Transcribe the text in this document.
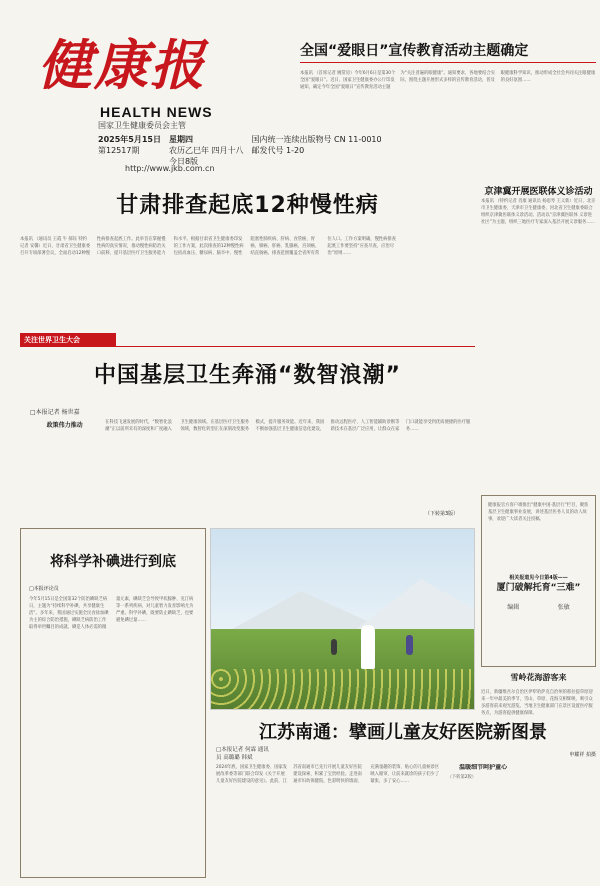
健康报
HEALTH NEWS
国家卫生健康委员会主管
2025年5月15日
第12517期
星期四
农历乙巳年 四月十八
今日8版
国内统一连续出版物号 CN 11-0010
邮发代号 1-20
http://www.jkb.com.cn
全国“爱眼日”宣传教育活动主题确定
本报讯 （首席记者 姚常房）今年6月6日是第30个全国“爱眼日”。近日，国家卫生健康委办公厅印发通知，确定今年全国“爱眼日”宣传教育活动主题为“关注普遍的眼健康”。通知要求，各地要结合实际，围绕主题开展形式多样的宣传教育活动，普及眼健康科学知识，推动形成全社会共同关注眼健康的良好氛围……
甘肃排查起底12种慢性病
本报讯 （通讯员 王霞 牛 郝钰 特约记者 安馨）近日，甘肃省卫生健康委召开专项部署会议，全面启动12种慢性病排查起底工作。此举旨在掌握慢性病的真实情况，推动慢性病防治关口前移，提升基层医疗卫生服务能力和水平。根据甘肃省卫生健康委印发的工作方案，此次排查的12种慢性病包括高血压、糖尿病、脑卒中、慢性阻塞性肺疾病、肝病、食管癌、胃癌、肺癌、肝癌、乳腺癌、宫颈癌、结直肠癌。排查范围覆盖全省所有常住人口。工作方案明确，慢性病排查起底工作要坚持“应查尽查、应治尽治”原则……
关注世界卫生大会
中国基层卫生奔涌“数智浪潮”
□本报记者 杨世嘉
政策伟力推动	在科技飞速发展的时代，“数智化浪潮”正以前所未有的深度和广度融入卫生健康领域。在基层医疗卫生服务领域，数智化转型正在深刻改变服务模式，提升服务效能。近年来，我国不断加强基层卫生健康信息化建设，推动远程医疗、人工智能辅助诊断等新技术在基层广泛应用，让群众在家门口就能享受到优质便捷的医疗服务……
（下转第3版）
将科学补碘进行到底
□本报评论员
今年5月15日是全国第32个防治碘缺乏病日，主题为“持续科学补碘，共享健康生活”。多年来，我国通过实施全民食盐加碘为主的综合防治措施，碘缺乏病防治工作取得举世瞩目的成就。碘是人体必需的微量元素，碘缺乏会导致甲状腺肿、克汀病等一系列疾病，对儿童智力发育影响尤为严重。科学补碘，既要防止碘缺乏，也要避免碘过量……
京津冀开展医联体义诊活动
本报讯 （特约记者 肖康 通讯员 杨思琴 王义新）近日，北京市卫生健康委、天津市卫生健康委、河北省卫生健康委联合组织京津冀医联体义诊活动。活动以“京津冀医联体 义诊进社区”为主题，组织三地医疗专家深入基层开展义诊服务……
健康报官方客户端推出“健康中国·基层行”栏目，聚焦基层卫生健康事业发展，讲述基层医务人员的动人故事，欢迎广大读者关注投稿。
相关报道见今日第4版——
厦门破解托育“三难”
编辑	张敏
雪岭花海游客来
近日，新疆维吾尔自治区伊犁哈萨克自治州的那拉提草原迎来一年中最美的季节，雪山、草原、花海交相辉映，吸引众多游客前来观光游览。当地卫生健康部门在景区设置医疗服务点，为游客提供健康保障。
申耀祥 拍摄
江苏南通：擘画儿童友好医院新图景
□本报记者 何霖 通讯员 高璐璐 韩斌
2024年底，国家卫生健康委、国家发展改革委等部门联合印发《关于开展儿童友好医院建设的意见》。此前，江苏省南通市已先行开展儿童友好医院建设探索，积累了宝贵经验。走进南通市妇幼保健院，色彩明快的墙面、充满童趣的装饰、贴心的儿童候诊区映入眼帘，让前来就诊的孩子们少了紧张，多了安心……
温暖细节呵护童心
（下转第2版）
